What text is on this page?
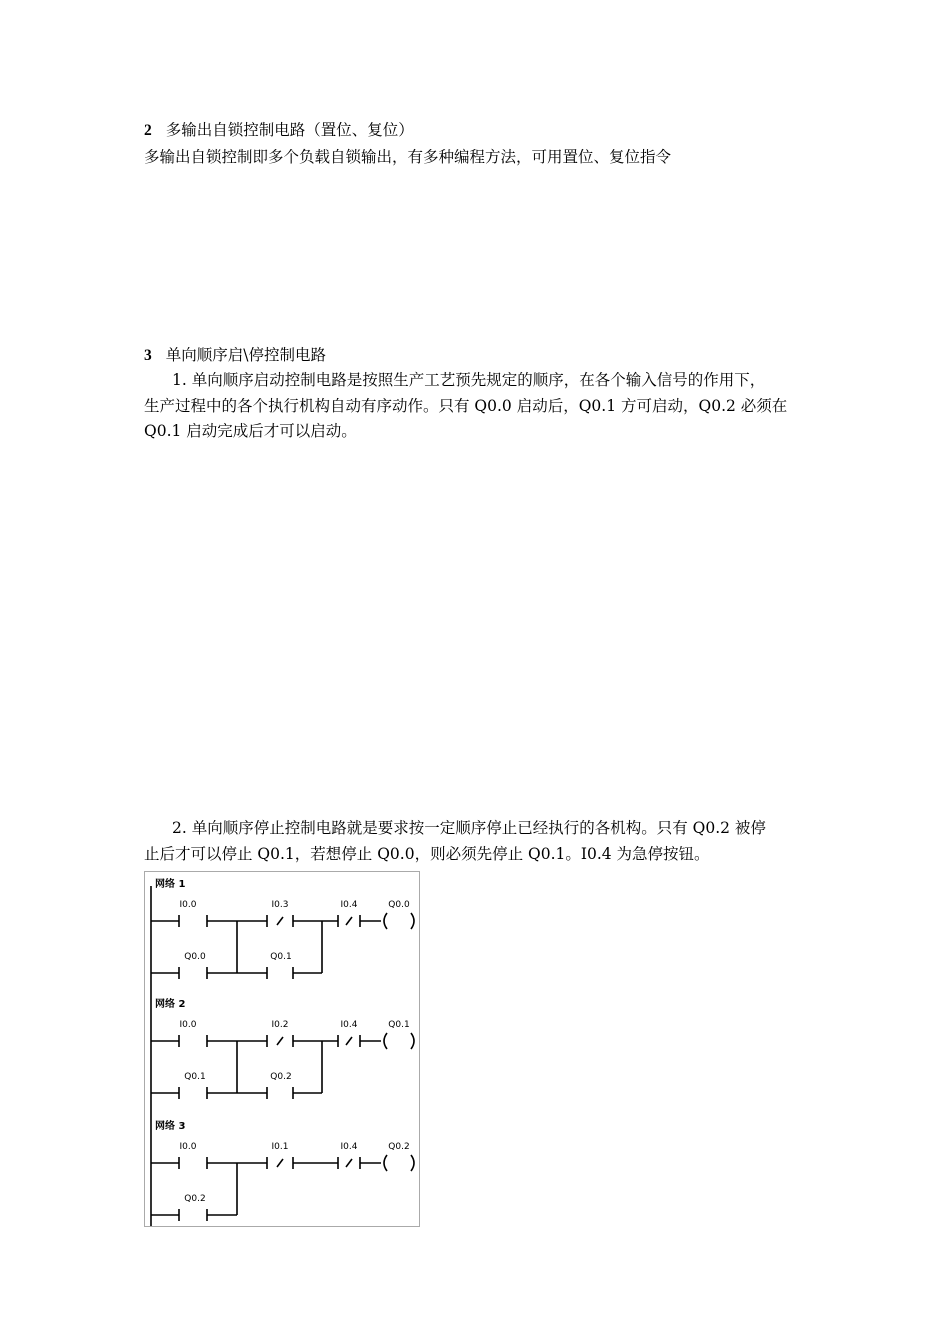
2 多输出自锁控制电路（置位、复位）
多输出自锁控制即多个负载自锁输出，有多种编程方法，可用置位、复位指令
3 单向顺序启\停控制电路
1. 单向顺序启动控制电路是按照生产工艺预先规定的顺序，在各个输入信号的作用下，
生产过程中的各个执行机构自动有序动作。只有 Q0.0 启动后，Q0.1 方可启动，Q0.2 必须在
Q0.1 启动完成后才可以启动。
2. 单向顺序停止控制电路就是要求按一定顺序停止已经执行的各机构。只有 Q0.2 被停
止后才可以停止 Q0.1，若想停止 Q0.0，则必须先停止 Q0.1。I0.4 为急停按钮。
网络 1
I0.0	I0.3	I0.4	Q0.0
Q0.0	Q0.1
网络 2
I0.0	I0.2	I0.4	Q0.1
Q0.1	Q0.2
网络 3
I0.0	I0.1	I0.4	Q0.2
Q0.2
